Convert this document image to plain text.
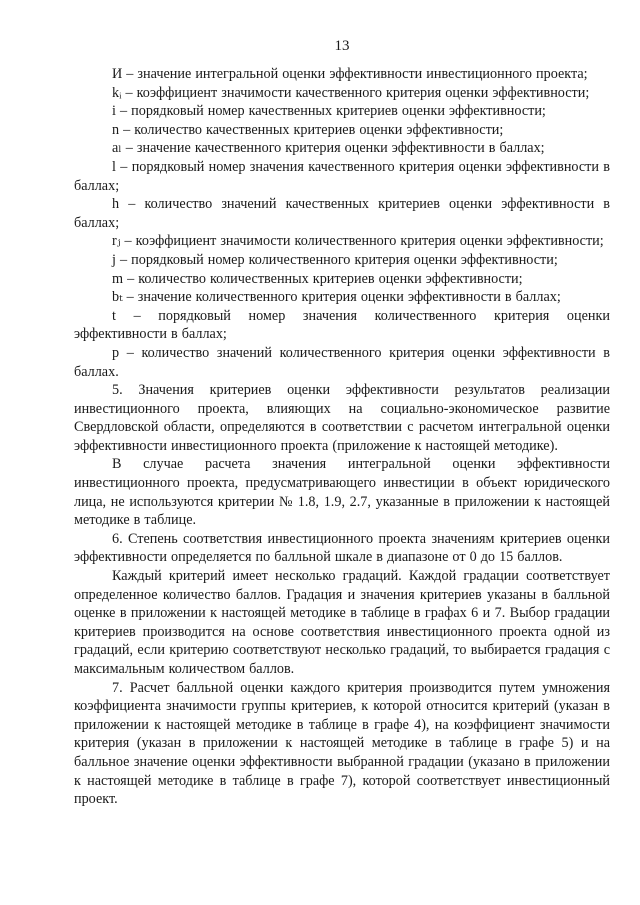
13

И – значение интегральной оценки эффективности инвестиционного проекта;

kᵢ – коэффициент значимости качественного критерия оценки эффективности;

i – порядковый номер качественных критериев оценки эффективности;

n – количество качественных критериев оценки эффективности;

aₗ – значение качественного критерия оценки эффективности в баллах;

l – порядковый номер значения качественного критерия оценки эффективности в баллах;

h – количество значений качественных критериев оценки эффективности в баллах;

rⱼ – коэффициент значимости количественного критерия оценки эффективности;

j – порядковый номер количественного критерия оценки эффективности;

m – количество количественных критериев оценки эффективности;

bₜ – значение количественного критерия оценки эффективности в баллах;

t – порядковый номер значения количественного критерия оценки эффективности в баллах;

p – количество значений количественного критерия оценки эффективности в баллах.

5. Значения критериев оценки эффективности результатов реализации инвестиционного проекта, влияющих на социально-экономическое развитие Свердловской области, определяются в соответствии с расчетом интегральной оценки эффективности инвестиционного проекта (приложение к настоящей методике).

В случае расчета значения интегральной оценки эффективности инвестиционного проекта, предусматривающего инвестиции в объект юридического лица, не используются критерии № 1.8, 1.9, 2.7, указанные в приложении к настоящей методике в таблице.

6. Степень соответствия инвестиционного проекта значениям критериев оценки эффективности определяется по балльной шкале в диапазоне от 0 до 15 баллов.

Каждый критерий имеет несколько градаций. Каждой градации соответствует определенное количество баллов. Градация и значения критериев указаны в балльной оценке в приложении к настоящей методике в таблице в графах 6 и 7. Выбор градации критериев производится на основе соответствия инвестиционного проекта одной из градаций, если критерию соответствуют несколько градаций, то выбирается градация с максимальным количеством баллов.

7. Расчет балльной оценки каждого критерия производится путем умножения коэффициента значимости группы критериев, к которой относится критерий (указан в приложении к настоящей методике в таблице в графе 4), на коэффициент значимости критерия (указан в приложении к настоящей методике в таблице в графе 5) и на балльное значение оценки эффективности выбранной градации (указано в приложении к настоящей методике в таблице в графе 7), которой соответствует инвестиционный проект.
